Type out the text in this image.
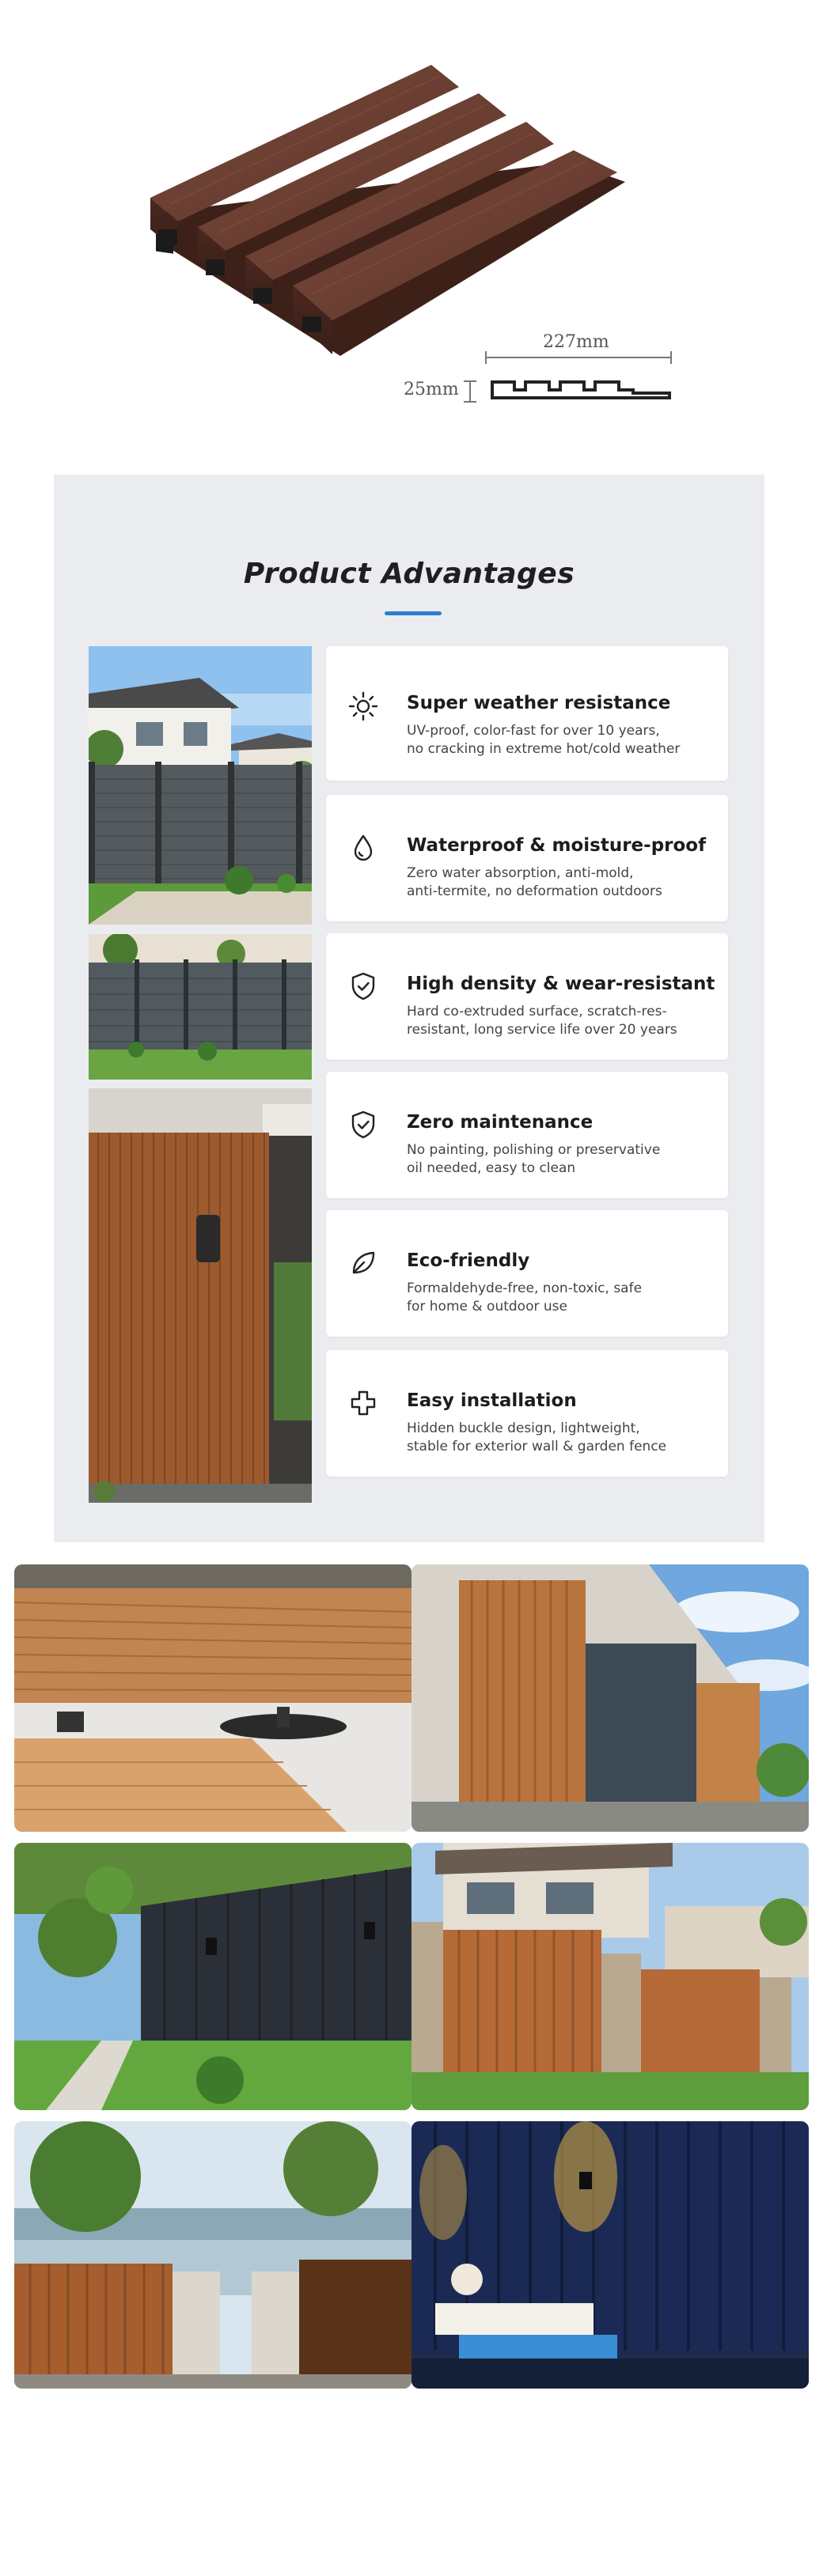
227mm
25mm
Product Advantages
Super weather resistance
UV-proof, color-fast for over 10 years,
no cracking in extreme hot/cold weather
Waterproof & moisture-proof
Zero water absorption, anti-mold,
anti-termite, no deformation outdoors
High density & wear-resistant
Hard co-extruded surface, scratch-res-
resistant, long service life over 20 years
Zero maintenance
No painting, polishing or preservative
oil needed, easy to clean
Eco-friendly
Formaldehyde-free, non-toxic, safe
for home & outdoor use
Easy installation
Hidden buckle design, lightweight,
stable for exterior wall & garden fence
